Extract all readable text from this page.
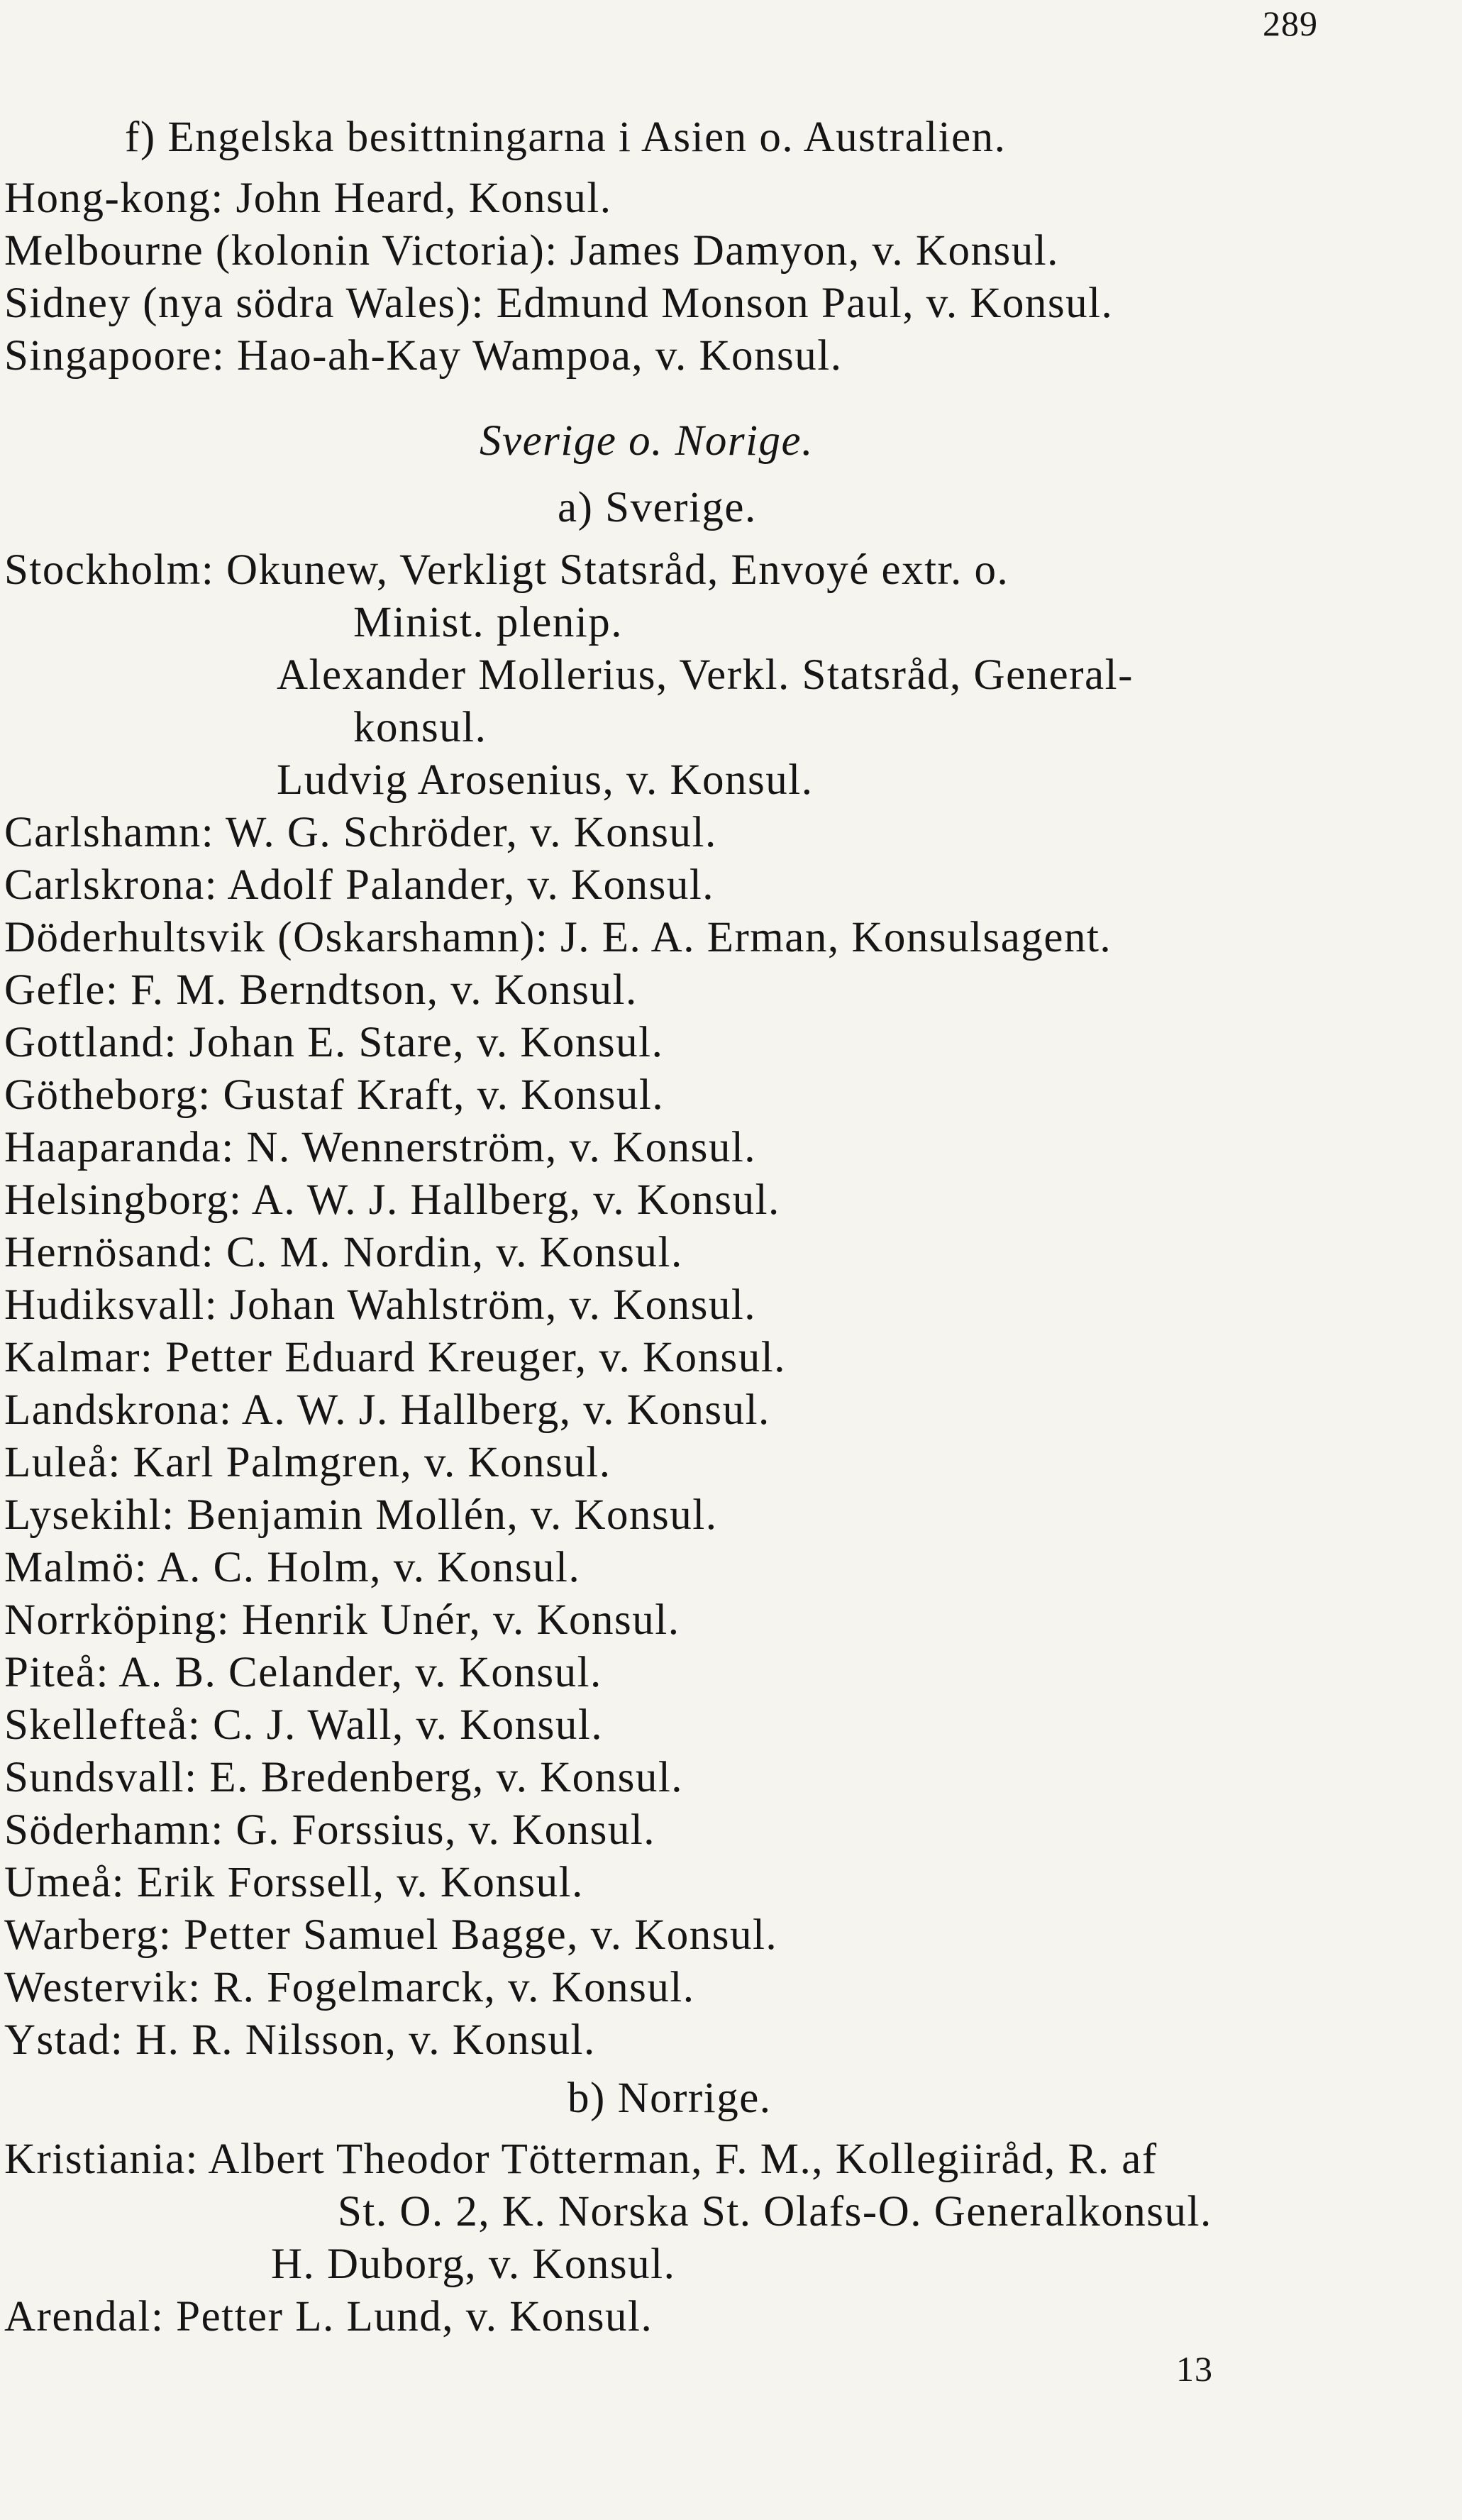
289
f) Engelska besittningarna i Asien o. Australien.
Hong-kong: John Heard, Konsul.
Melbourne (kolonin Victoria): James Damyon, v. Konsul.
Sidney (nya södra Wales): Edmund Monson Paul, v. Konsul.
Singapoore: Hao-ah-Kay Wampoa, v. Konsul.
Sverige o. Norige.
a) Sverige.
Stockholm: Okunew, Verkligt Statsråd, Envoyé extr. o.
Minist. plenip.
Alexander Mollerius, Verkl. Statsråd, General-
konsul.
Ludvig Arosenius, v. Konsul.
Carlshamn: W. G. Schröder, v. Konsul.
Carlskrona: Adolf Palander, v. Konsul.
Döderhultsvik (Oskarshamn): J. E. A. Erman, Konsulsagent.
Gefle: F. M. Berndtson, v. Konsul.
Gottland: Johan E. Stare, v. Konsul.
Götheborg: Gustaf Kraft, v. Konsul.
Haaparanda: N. Wennerström, v. Konsul.
Helsingborg: A. W. J. Hallberg, v. Konsul.
Hernösand: C. M. Nordin, v. Konsul.
Hudiksvall: Johan Wahlström, v. Konsul.
Kalmar: Petter Eduard Kreuger, v. Konsul.
Landskrona: A. W. J. Hallberg, v. Konsul.
Luleå: Karl Palmgren, v. Konsul.
Lysekihl: Benjamin Mollén, v. Konsul.
Malmö: A. C. Holm, v. Konsul.
Norrköping: Henrik Unér, v. Konsul.
Piteå: A. B. Celander, v. Konsul.
Skellefteå: C. J. Wall, v. Konsul.
Sundsvall: E. Bredenberg, v. Konsul.
Söderhamn: G. Forssius, v. Konsul.
Umeå: Erik Forssell, v. Konsul.
Warberg: Petter Samuel Bagge, v. Konsul.
Westervik: R. Fogelmarck, v. Konsul.
Ystad: H. R. Nilsson, v. Konsul.
b) Norrige.
Kristiania: Albert Theodor Tötterman, F. M., Kollegiiråd, R. af
St. O. 2, K. Norska St. Olafs-O. Generalkonsul.
H. Duborg, v. Konsul.
Arendal: Petter L. Lund, v. Konsul.
13
